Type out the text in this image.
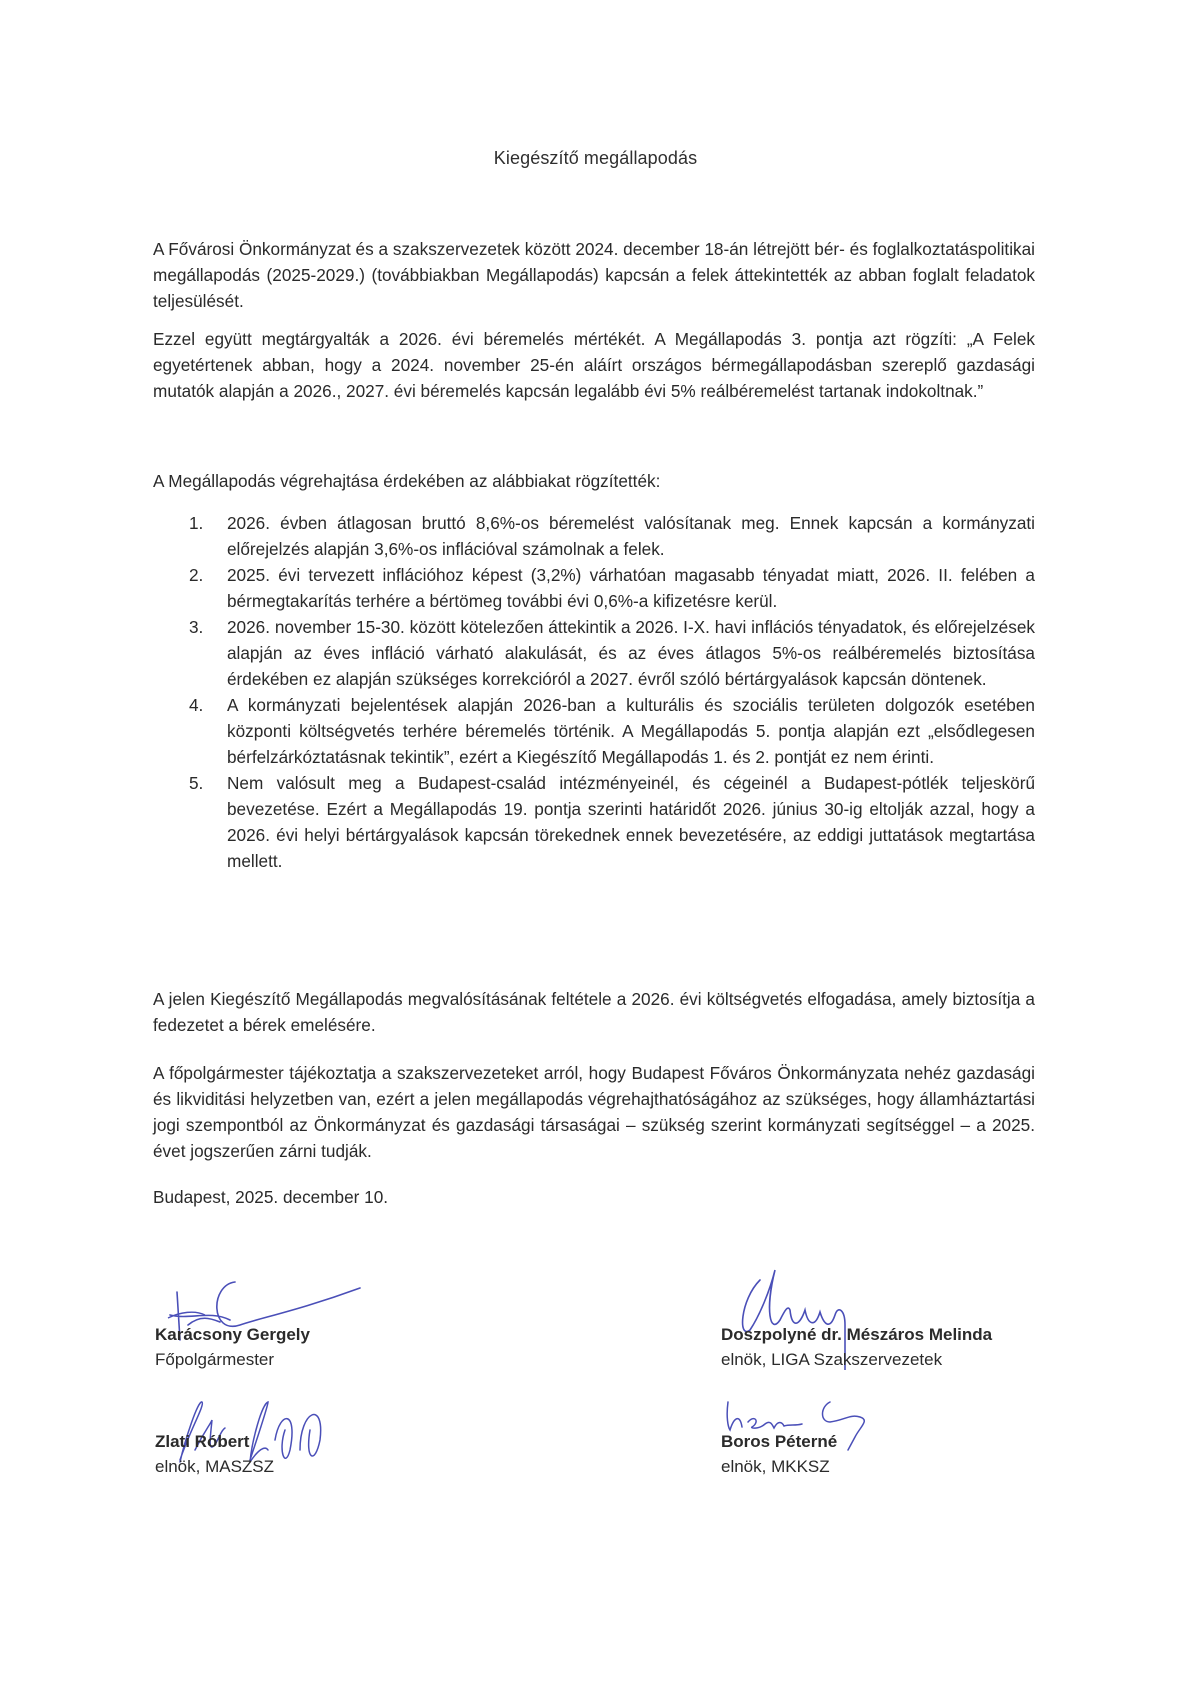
Kiegészítő megállapodás

A Fővárosi Önkormányzat és a szakszervezetek között 2024. december 18-án létrejött bér- és foglalkoztatáspolitikai megállapodás (2025-2029.) (továbbiakban Megállapodás) kapcsán a felek áttekintették az abban foglalt feladatok teljesülését.

Ezzel együtt megtárgyalták a 2026. évi béremelés mértékét. A Megállapodás 3. pontja azt rögzíti: „A Felek egyetértenek abban, hogy a 2024. november 25-én aláírt országos bérmegállapodásban szereplő gazdasági mutatók alapján a 2026., 2027. évi béremelés kapcsán legalább évi 5% reálbéremelést tartanak indokoltnak.”

A Megállapodás végrehajtása érdekében az alábbiakat rögzítették:

1. 2026. évben átlagosan bruttó 8,6%-os béremelést valósítanak meg. Ennek kapcsán a kormányzati előrejelzés alapján 3,6%-os inflációval számolnak a felek.
2. 2025. évi tervezett inflációhoz képest (3,2%) várhatóan magasabb tényadat miatt, 2026. II. felében a bérmegtakarítás terhére a bértömeg további évi 0,6%-a kifizetésre kerül.
3. 2026. november 15-30. között kötelezően áttekintik a 2026. I-X. havi inflációs tényadatok, és előrejelzések alapján az éves infláció várható alakulását, és az éves átlagos 5%-os reálbéremelés biztosítása érdekében ez alapján szükséges korrekcióról a 2027. évről szóló bértárgyalások kapcsán döntenek.
4. A kormányzati bejelentések alapján 2026-ban a kulturális és szociális területen dolgozók esetében központi költségvetés terhére béremelés történik. A Megállapodás 5. pontja alapján ezt „elsődlegesen bérfelzárkóztatásnak tekintik”, ezért a Kiegészítő Megállapodás 1. és 2. pontját ez nem érinti.
5. Nem valósult meg a Budapest-család intézményeinél, és cégeinél a Budapest-pótlék teljeskörű bevezetése. Ezért a Megállapodás 19. pontja szerinti határidőt 2026. június 30-ig eltolják azzal, hogy a 2026. évi helyi bértárgyalások kapcsán törekednek ennek bevezetésére, az eddigi juttatások megtartása mellett.

A jelen Kiegészítő Megállapodás megvalósításának feltétele a 2026. évi költségvetés elfogadása, amely biztosítja a fedezetet a bérek emelésére.

A főpolgármester tájékoztatja a szakszervezeteket arról, hogy Budapest Főváros Önkormányzata nehéz gazdasági és likviditási helyzetben van, ezért a jelen megállapodás végrehajthatóságához az szükséges, hogy államháztartási jogi szempontból az Önkormányzat és gazdasági társaságai – szükség szerint kormányzati segítséggel – a 2025. évet jogszerűen zárni tudják.

Budapest, 2025. december 10.

Karácsony Gergely
Főpolgármester
Zlati Róbert
elnök, MASZSZ
Doszpolyné dr. Mészáros Melinda
elnök, LIGA Szakszervezetek
Boros Péterné
elnök, MKKSZ
